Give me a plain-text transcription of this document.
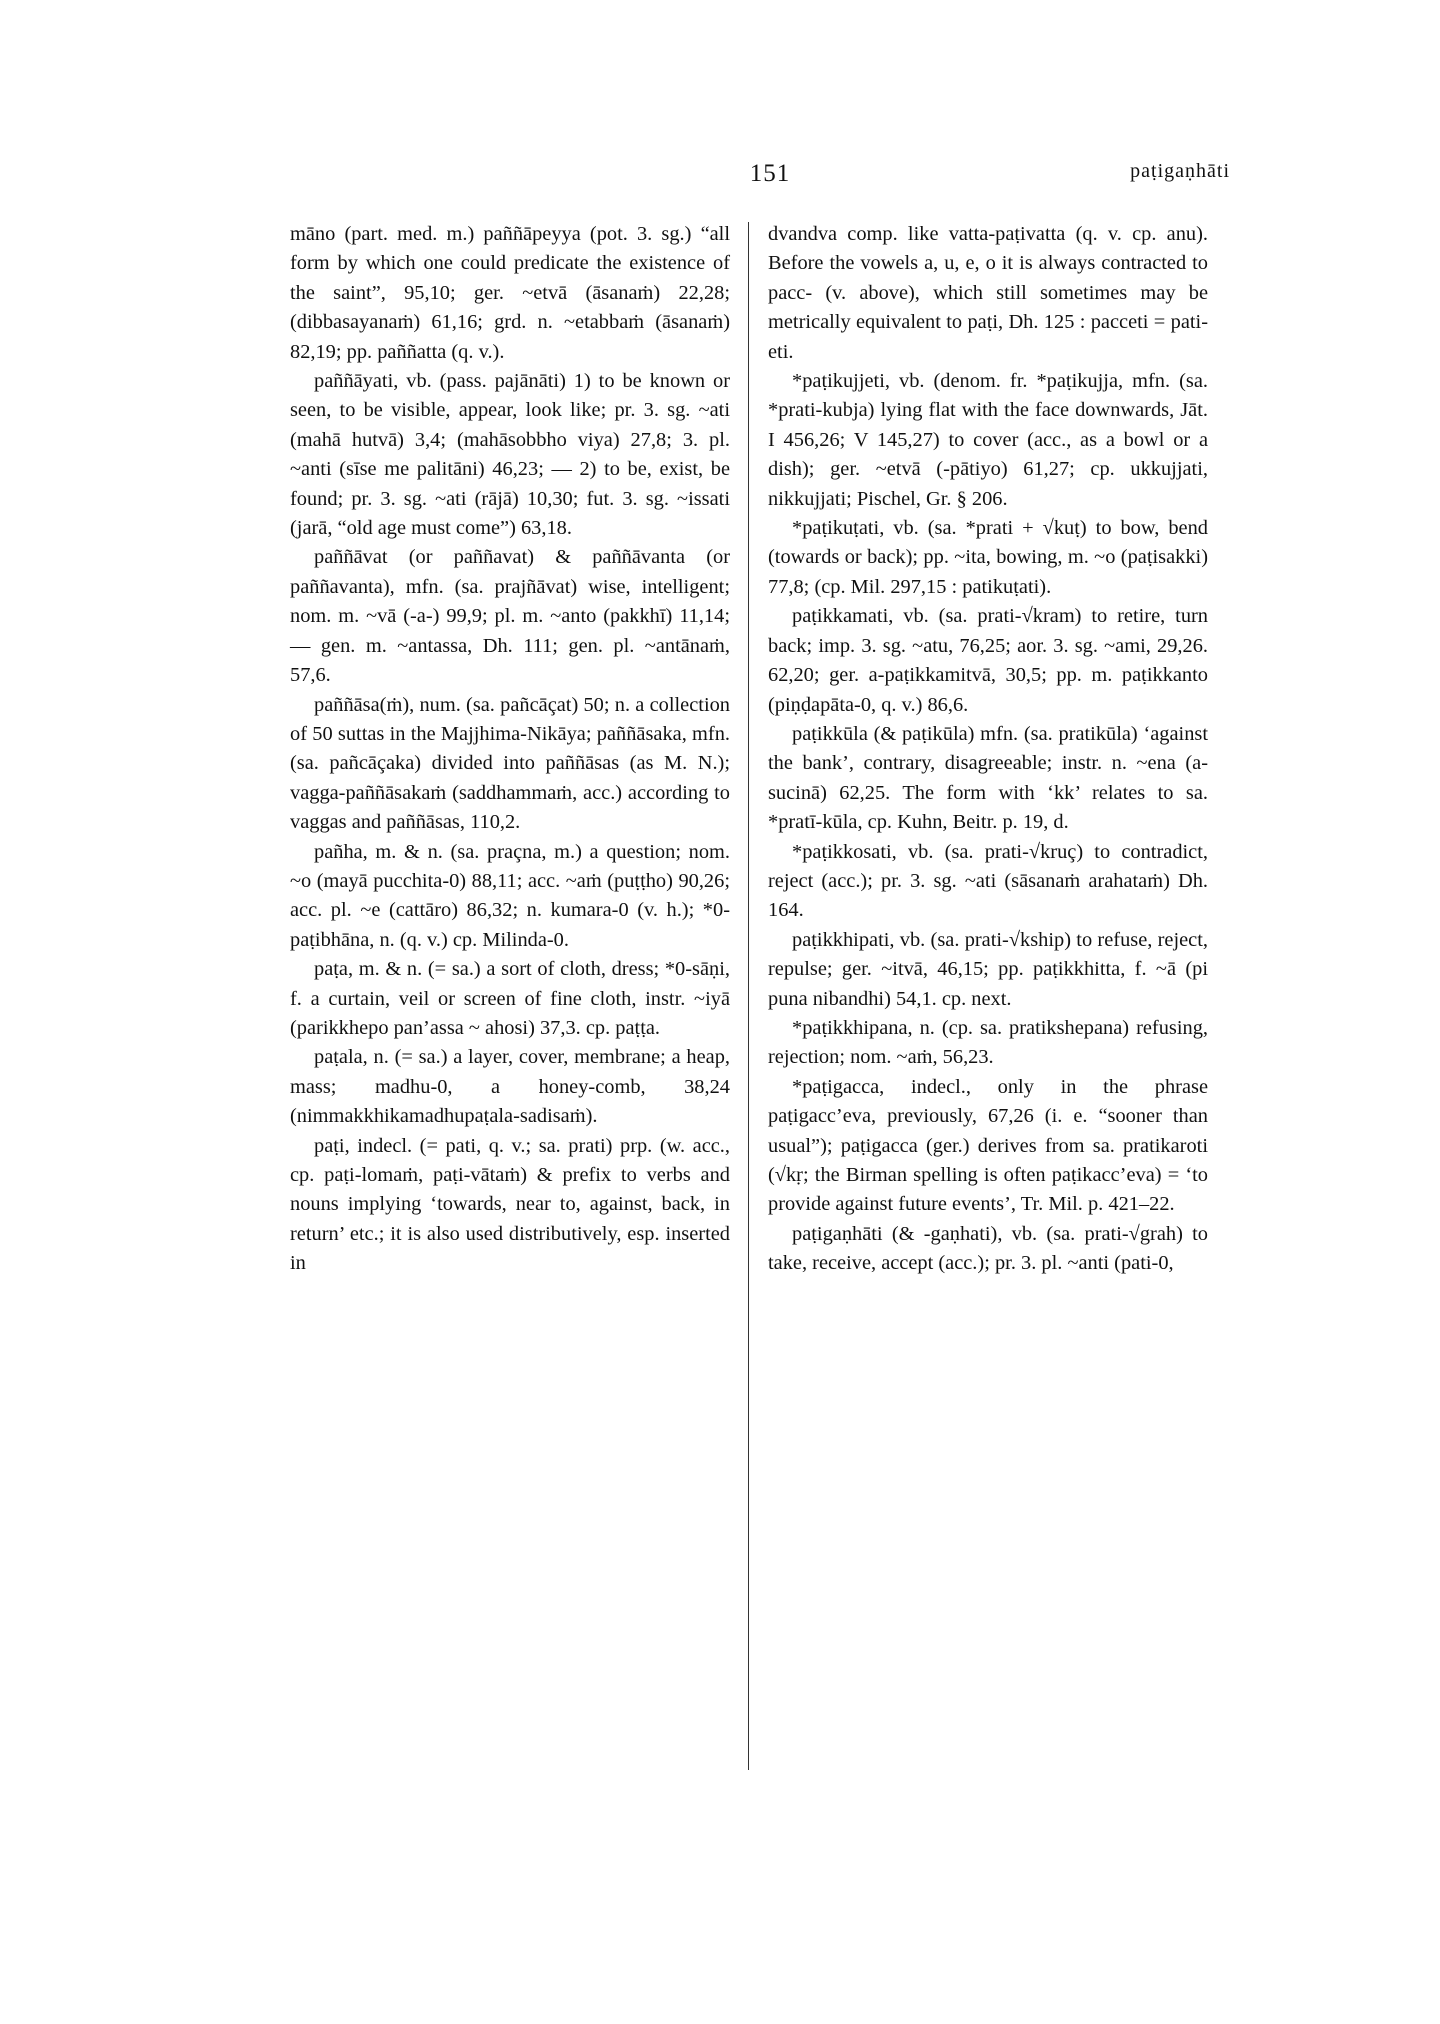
151	paṭigaṇhāti

māno (part. med. m.) paññāpeyya (pot. 3. sg.) “all form by which one could predicate the existence of the saint”, 95,10; ger. ~etvā (āsanaṁ) 22,28; (dibbasayanaṁ) 61,16; grd. n. ~etabbaṁ (āsanaṁ) 82,19; pp. paññatta (q. v.).

paññāyati, vb. (pass. pajānāti) 1) to be known or seen, to be visible, appear, look like; pr. 3. sg. ~ati (mahā hutvā) 3,4; (mahāsobbho viya) 27,8; 3. pl. ~anti (sīse me palitāni) 46,23; — 2) to be, exist, be found; pr. 3. sg. ~ati (rājā) 10,30; fut. 3. sg. ~issati (jarā, “old age must come”) 63,18.

paññāvat (or paññavat) & paññāvanta (or paññavanta), mfn. (sa. prajñāvat) wise, intelligent; nom. m. ~vā (-a-) 99,9; pl. m. ~anto (pakkhī) 11,14; — gen. m. ~antassa, Dh. 111; gen. pl. ~antānaṁ, 57,6.

paññāsa(ṁ), num. (sa. pañcāçat) 50; n. a collection of 50 suttas in the Majjhima-Nikāya; paññāsaka, mfn. (sa. pañcāçaka) divided into paññāsas (as M. N.); vagga-paññāsakaṁ (saddhammaṁ, acc.) according to vaggas and paññāsas, 110,2.

pañha, m. & n. (sa. praçna, m.) a question; nom. ~o (mayā pucchita-0) 88,11; acc. ~aṁ (puṭṭho) 90,26; acc. pl. ~e (cattāro) 86,32; n. kumara-0 (v. h.); *0-paṭibhāna, n. (q. v.) cp. Milinda-0.

paṭa, m. & n. (= sa.) a sort of cloth, dress; *0-sāṇi, f. a curtain, veil or screen of fine cloth, instr. ~iyā (parikkhepo pan’assa ~ ahosi) 37,3. cp. paṭṭa.

paṭala, n. (= sa.) a layer, cover, membrane; a heap, mass; madhu-0, a honey-comb, 38,24 (nimmakkhikamadhupaṭala-sadisaṁ).

paṭi, indecl. (= pati, q. v.; sa. prati) prp. (w. acc., cp. paṭi-lomaṁ, paṭi-vātaṁ) & prefix to verbs and nouns implying ‘towards, near to, against, back, in return’ etc.; it is also used distributively, esp. inserted in

dvandva comp. like vatta-paṭivatta (q. v. cp. anu). Before the vowels a, u, e, o it is always contracted to pacc- (v. above), which still sometimes may be metrically equivalent to paṭi, Dh. 125 : pacceti = pati-eti.

*paṭikujjeti, vb. (denom. fr. *paṭikujja, mfn. (sa. *prati-kubja) lying flat with the face downwards, Jāt. I 456,26; V 145,27) to cover (acc., as a bowl or a dish); ger. ~etvā (-pātiyo) 61,27; cp. ukkujjati, nikkujjati; Pischel, Gr. § 206.

*paṭikuṭati, vb. (sa. *prati + √kuṭ) to bow, bend (towards or back); pp. ~ita, bowing, m. ~o (paṭisakki) 77,8; (cp. Mil. 297,15 : patikuṭati).

paṭikkamati, vb. (sa. prati-√kram) to retire, turn back; imp. 3. sg. ~atu, 76,25; aor. 3. sg. ~ami, 29,26. 62,20; ger. a-paṭikkamitvā, 30,5; pp. m. paṭikkanto (piṇḍapāta-0, q. v.) 86,6.

paṭikkūla (& paṭikūla) mfn. (sa. pratikūla) ‘against the bank’, contrary, disagreeable; instr. n. ~ena (a-sucinā) 62,25. The form with ‘kk’ relates to sa. *pratī-kūla, cp. Kuhn, Beitr. p. 19, d.

*paṭikkosati, vb. (sa. prati-√kruç) to contradict, reject (acc.); pr. 3. sg. ~ati (sāsanaṁ arahataṁ) Dh. 164.

paṭikkhipati, vb. (sa. prati-√kship) to refuse, reject, repulse; ger. ~itvā, 46,15; pp. paṭikkhitta, f. ~ā (pi puna nibandhi) 54,1. cp. next.

*paṭikkhipana, n. (cp. sa. pratikshepana) refusing, rejection; nom. ~aṁ, 56,23.

*paṭigacca, indecl., only in the phrase paṭigacc’eva, previously, 67,26 (i. e. “sooner than usual”); paṭigacca (ger.) derives from sa. pratikaroti (√kṛ; the Birman spelling is often paṭikacc’eva) = ‘to provide against future events’, Tr. Mil. p. 421–22.

paṭigaṇhāti (& -gaṇhati), vb. (sa. prati-√grah) to take, receive, accept (acc.); pr. 3. pl. ~anti (pati-0,
